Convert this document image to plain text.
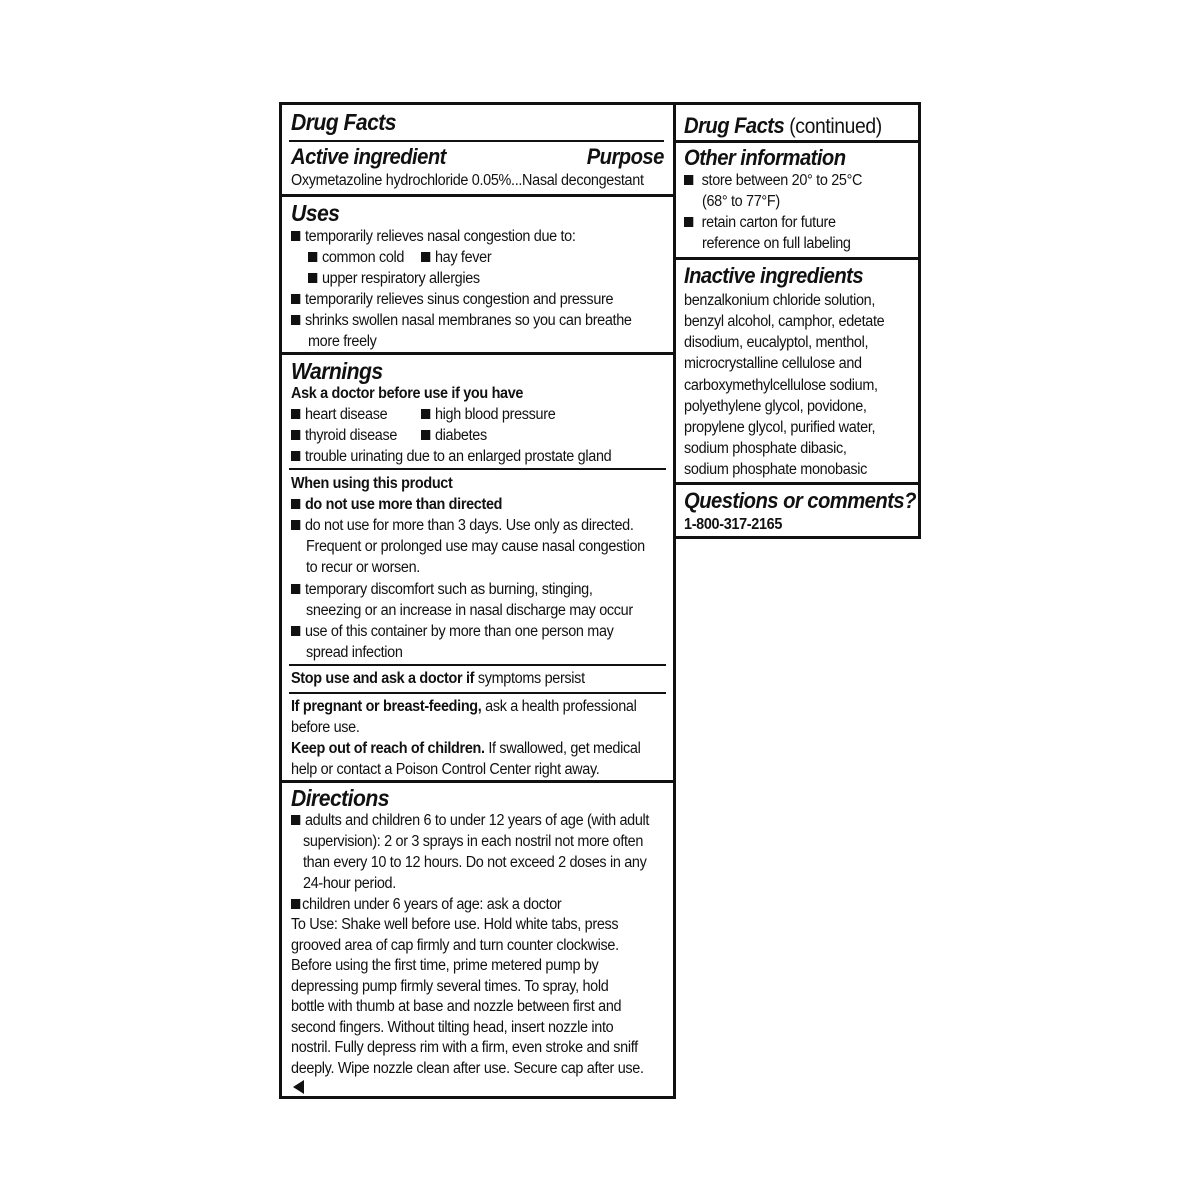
Drug Facts
Active ingredient	Purpose
Oxymetazoline hydrochloride 0.05%...Nasal decongestant
Uses
temporarily relieves nasal congestion due to:
common cold	hay fever
upper respiratory allergies
temporarily relieves sinus congestion and pressure
shrinks swollen nasal membranes so you can breathe
more freely
Warnings
Ask a doctor before use if you have
heart disease	high blood pressure
thyroid disease	diabetes
trouble urinating due to an enlarged prostate gland
When using this product
do not use more than directed
do not use for more than 3 days. Use only as directed.
Frequent or prolonged use may cause nasal congestion
to recur or worsen.
temporary discomfort such as burning, stinging,
sneezing or an increase in nasal discharge may occur
use of this container by more than one person may
spread infection
Stop use and ask a doctor if symptoms persist
If pregnant or breast-feeding, ask a health professional
before use.
Keep out of reach of children. If swallowed, get medical
help or contact a Poison Control Center right away.
Directions
adults and children 6 to under 12 years of age (with adult
supervision): 2 or 3 sprays in each nostril not more often
than every 10 to 12 hours. Do not exceed 2 doses in any
24-hour period.
children under 6 years of age: ask a doctor
To Use: Shake well before use. Hold white tabs, press
grooved area of cap firmly and turn counter clockwise.
Before using the first time, prime metered pump by
depressing pump firmly several times. To spray, hold
bottle with thumb at base and nozzle between first and
second fingers. Without tilting head, insert nozzle into
nostril. Fully depress rim with a firm, even stroke and sniff
deeply. Wipe nozzle clean after use. Secure cap after use.
Drug Facts (continued)
Other information
store between 20° to 25°C
(68° to 77°F)
retain carton for future
reference on full labeling
Inactive ingredients
benzalkonium chloride solution,
benzyl alcohol, camphor, edetate
disodium, eucalyptol, menthol,
microcrystalline cellulose and
carboxymethylcellulose sodium,
polyethylene glycol, povidone,
propylene glycol, purified water,
sodium phosphate dibasic,
sodium phosphate monobasic
Questions or comments?
1-800-317-2165
